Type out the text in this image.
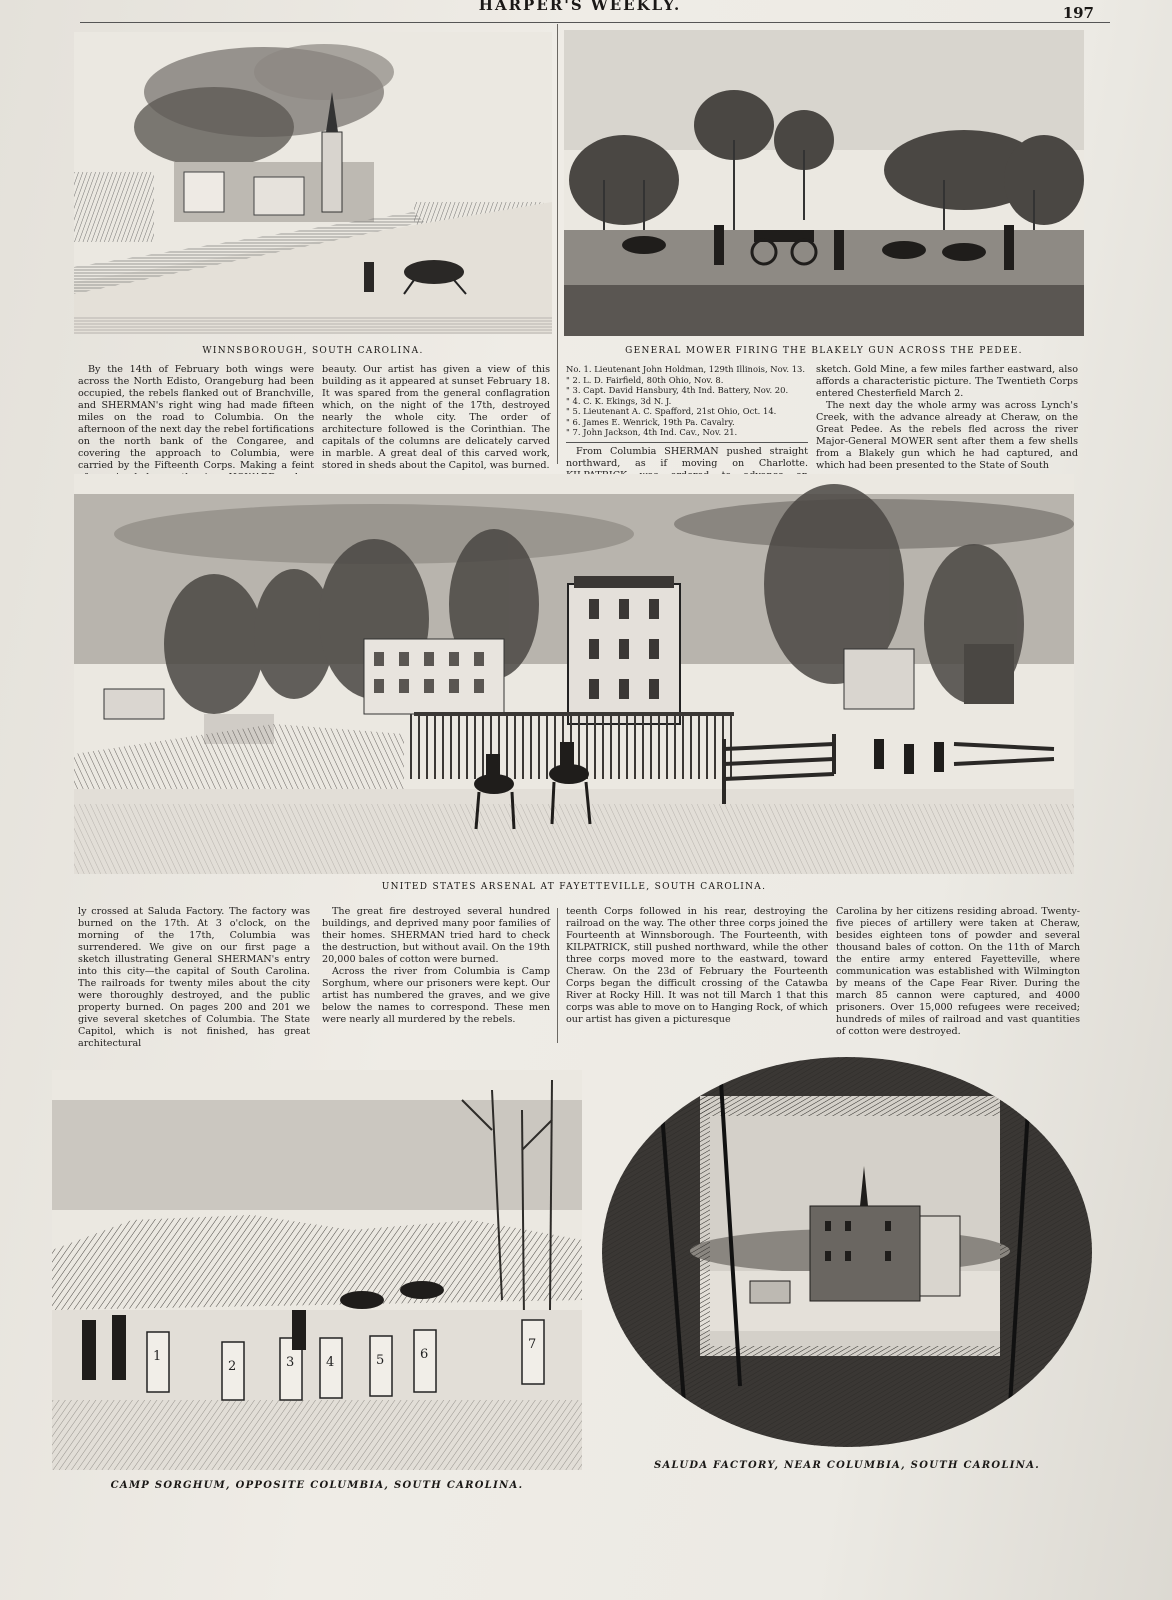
HARPER'S WEEKLY.	197
WINNSBOROUGH, SOUTH CAROLINA.	GENERAL MOWER FIRING THE BLAKELY GUN ACROSS THE PEDEE.

By the 14th of February both wings were across the North Edisto, Orangeburg had been occupied, the rebels flanked out of Branchville, and SHERMAN's right wing had made fifteen miles on the road to Columbia. On the afternoon of the next day the rebel fortifications on the north bank of the Congaree, and covering the approach to Columbia, were carried by the Fifteenth Corps. Making a feint

beauty. Our artist has given a view of this building as it appeared at sunset February 18. It was spared from the general conflagration which, on the night of the 17th, destroyed nearly the whole city. The order of architecture followed is the Corinthian. The capitals of the columns are delicately carved in marble. A great deal of this carved work, stored in sheds about the Capitol, was burned.

No. 1. Lieutenant John Holdman, 129th Illinois, Nov. 13.
" 2. L. D. Fairfield, 80th Ohio, Nov. 8.
" 3. Capt. David Hansbury, 4th Ind. Battery, Nov. 20.
" 4. C. K. Ekings, 3d N. J.
" 5. Lieutenant A. C. Spafford, 21st Ohio, Oct. 14.
" 6. James E. Wenrick, 19th Pa. Cavalry.
" 7. John Jackson, 4th Ind. Cav., Nov. 21.

From Columbia SHERMAN pushed straight northward, as if moving on Charlotte.

sketch. Gold Mine, a few miles farther eastward, also affords a characteristic picture. The Twentieth Corps entered Chesterfield March 2.

The next day the whole army was across Lynch's Creek, with the advance already at Cheraw, on the Great Pedee. As the rebels fled across the river Major-General MOWER sent after them a few shells from a Blakely gun which he had captured, and which had been presented to the State of South

UNITED STATES ARSENAL AT FAYETTEVILLE, SOUTH CAROLINA.

ly crossed at Saluda Factory. The factory was burned on the 17th. At 3 o'clock, on the morning of the 17th, Columbia was surrendered. We give on our first page a sketch illustrating General SHERMAN's entry into this city—the capital of South Carolina. The railroads for twenty miles about the city were thoroughly destroyed, and the public property burned. On pages 200 and 201 we give several sketches of Columbia. The State Capitol, which is not finished, has great architectural

The great fire destroyed several hundred buildings, and deprived many poor families of their homes. SHERMAN tried hard to check the destruction, but without avail. On the 19th 20,000 bales of cotton were burned.

Across the river from Columbia is Camp Sorghum, where our prisoners were kept. Our artist has numbered the graves, and we give below the names to correspond. These men were nearly all murdered by the rebels.

teenth Corps followed in his rear, destroying the railroad on the way. The other three corps joined the Fourteenth at Winnsborough. The Fourteenth, with KILPATRICK, still pushed northward, while the other three corps moved more to the eastward, toward Cheraw. On the 23d of February the Fourteenth Corps began the difficult crossing of the Catawba River at Rocky Hill. It was not till March 1 that this corps was able to move on to Hanging Rock, of which our artist has given a picturesque

Carolina by her citizens residing abroad. Twenty-five pieces of artillery were taken at Cheraw, besides eighteen tons of powder and several thousand bales of cotton. On the 11th of March the entire army entered Fayetteville, where communication was established with Wilmington by means of the Cape Fear River. During the march 85 cannon were captured, and 4000 prisoners. Over 15,000 refugees were received; hundreds of miles of railroad and vast quantities of cotton were destroyed.

1
2	3 4	5	6
7
CAMP SORGHUM, OPPOSITE COLUMBIA, SOUTH CAROLINA.
SALUDA FACTORY, NEAR COLUMBIA, SOUTH CAROLINA.
